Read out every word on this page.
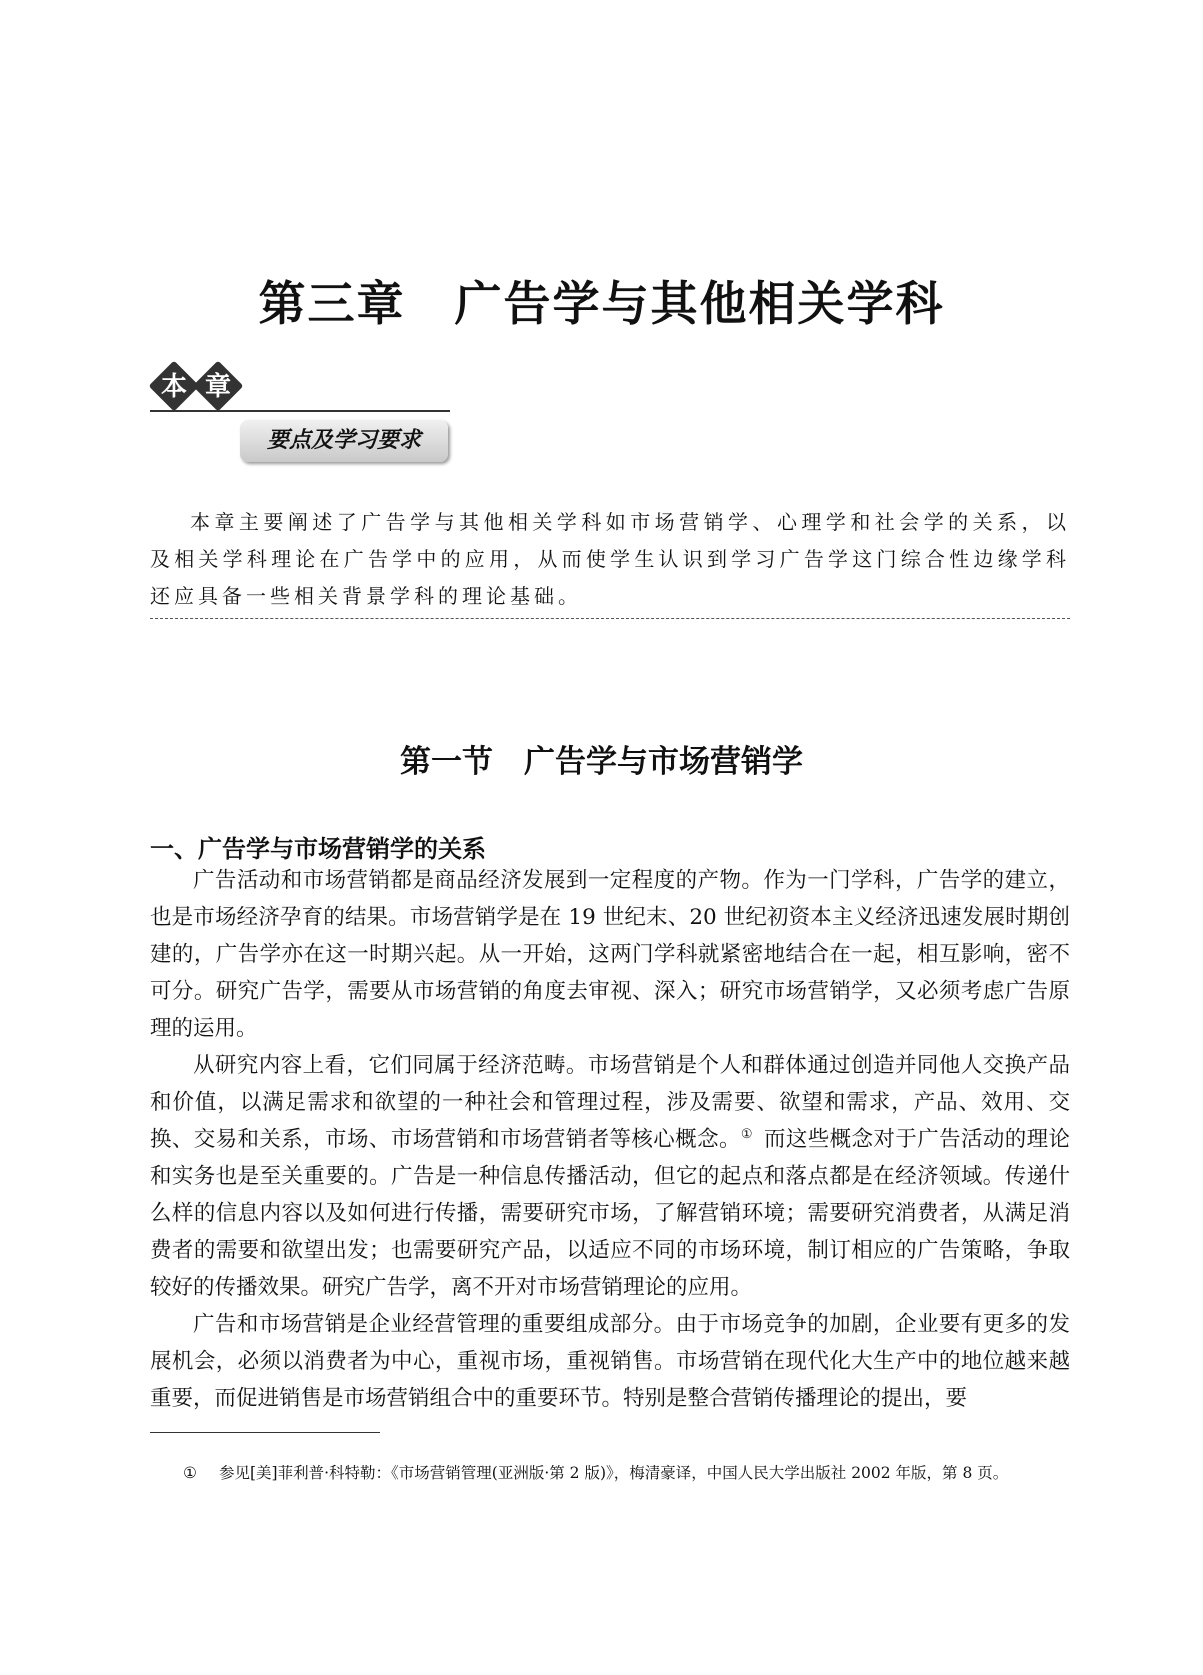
第三章　广告学与其他相关学科
本 章
要点及学习要求

本章主要阐述了广告学与其他相关学科如市场营销学、心理学和社会学的关系，以及相关学科理论在广告学中的应用，从而使学生认识到学习广告学这门综合性边缘学科还应具备一些相关背景学科的理论基础。

第一节　广告学与市场营销学
一、广告学与市场营销学的关系

广告活动和市场营销都是商品经济发展到一定程度的产物。作为一门学科，广告学的建立，也是市场经济孕育的结果。市场营销学是在 19 世纪末、20 世纪初资本主义经济迅速发展时期创建的，广告学亦在这一时期兴起。从一开始，这两门学科就紧密地结合在一起，相互影响，密不可分。研究广告学，需要从市场营销的角度去审视、深入；研究市场营销学，又必须考虑广告原理的运用。

从研究内容上看，它们同属于经济范畴。市场营销是个人和群体通过创造并同他人交换产品和价值，以满足需求和欲望的一种社会和管理过程，涉及需要、欲望和需求，产品、效用、交换、交易和关系，市场、市场营销和市场营销者等核心概念。① 而这些概念对于广告活动的理论和实务也是至关重要的。广告是一种信息传播活动，但它的起点和落点都是在经济领域。传递什么样的信息内容以及如何进行传播，需要研究市场，了解营销环境；需要研究消费者，从满足消费者的需要和欲望出发；也需要研究产品，以适应不同的市场环境，制订相应的广告策略，争取较好的传播效果。研究广告学，离不开对市场营销理论的应用。

广告和市场营销是企业经营管理的重要组成部分。由于市场竞争的加剧，企业要有更多的发展机会，必须以消费者为中心，重视市场，重视销售。市场营销在现代化大生产中的地位越来越重要，而促进销售是市场营销组合中的重要环节。特别是整合营销传播理论的提出，要

① 参见[美]菲利普·科特勒：《市场营销管理(亚洲版·第 2 版)》，梅清豪译，中国人民大学出版社 2002 年版，第 8 页。
